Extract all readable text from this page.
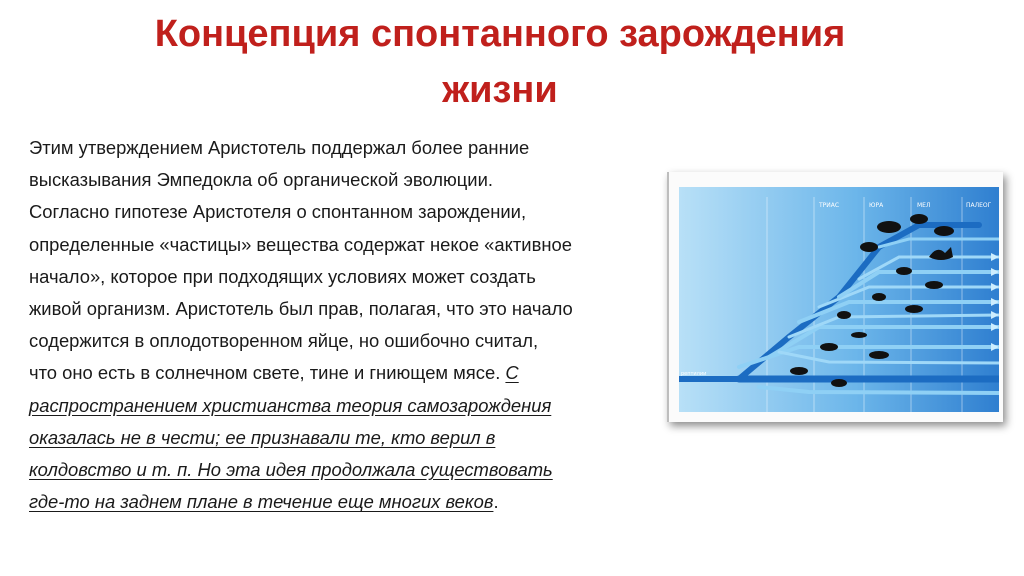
Концепция спонтанного зарождения
жизни
Этим утверждением Аристотель поддержал более ранние
высказывания Эмпедокла об органической эволюции.
Согласно гипотезе Аристотеля о спонтанном зарождении,
определенные «частицы» вещества содержат некое «активное
начало», которое при подходящих условиях может создать
живой организм. Аристотель был прав, полагая, что это начало
содержится в оплодотворенном яйце, но ошибочно считал,
что оно есть в солнечном свете, тине и гниющем мясе. С
распространением христианства теория самозарождения
оказалась не в чести; ее признавали те, кто верил в
колдовство и т. п. Но эта идея продолжала существовать
где-то на заднем плане в течение еще многих веков.
ТРИАС	ЮРА	МЕЛ	ПАЛЕОГ
рептилии
